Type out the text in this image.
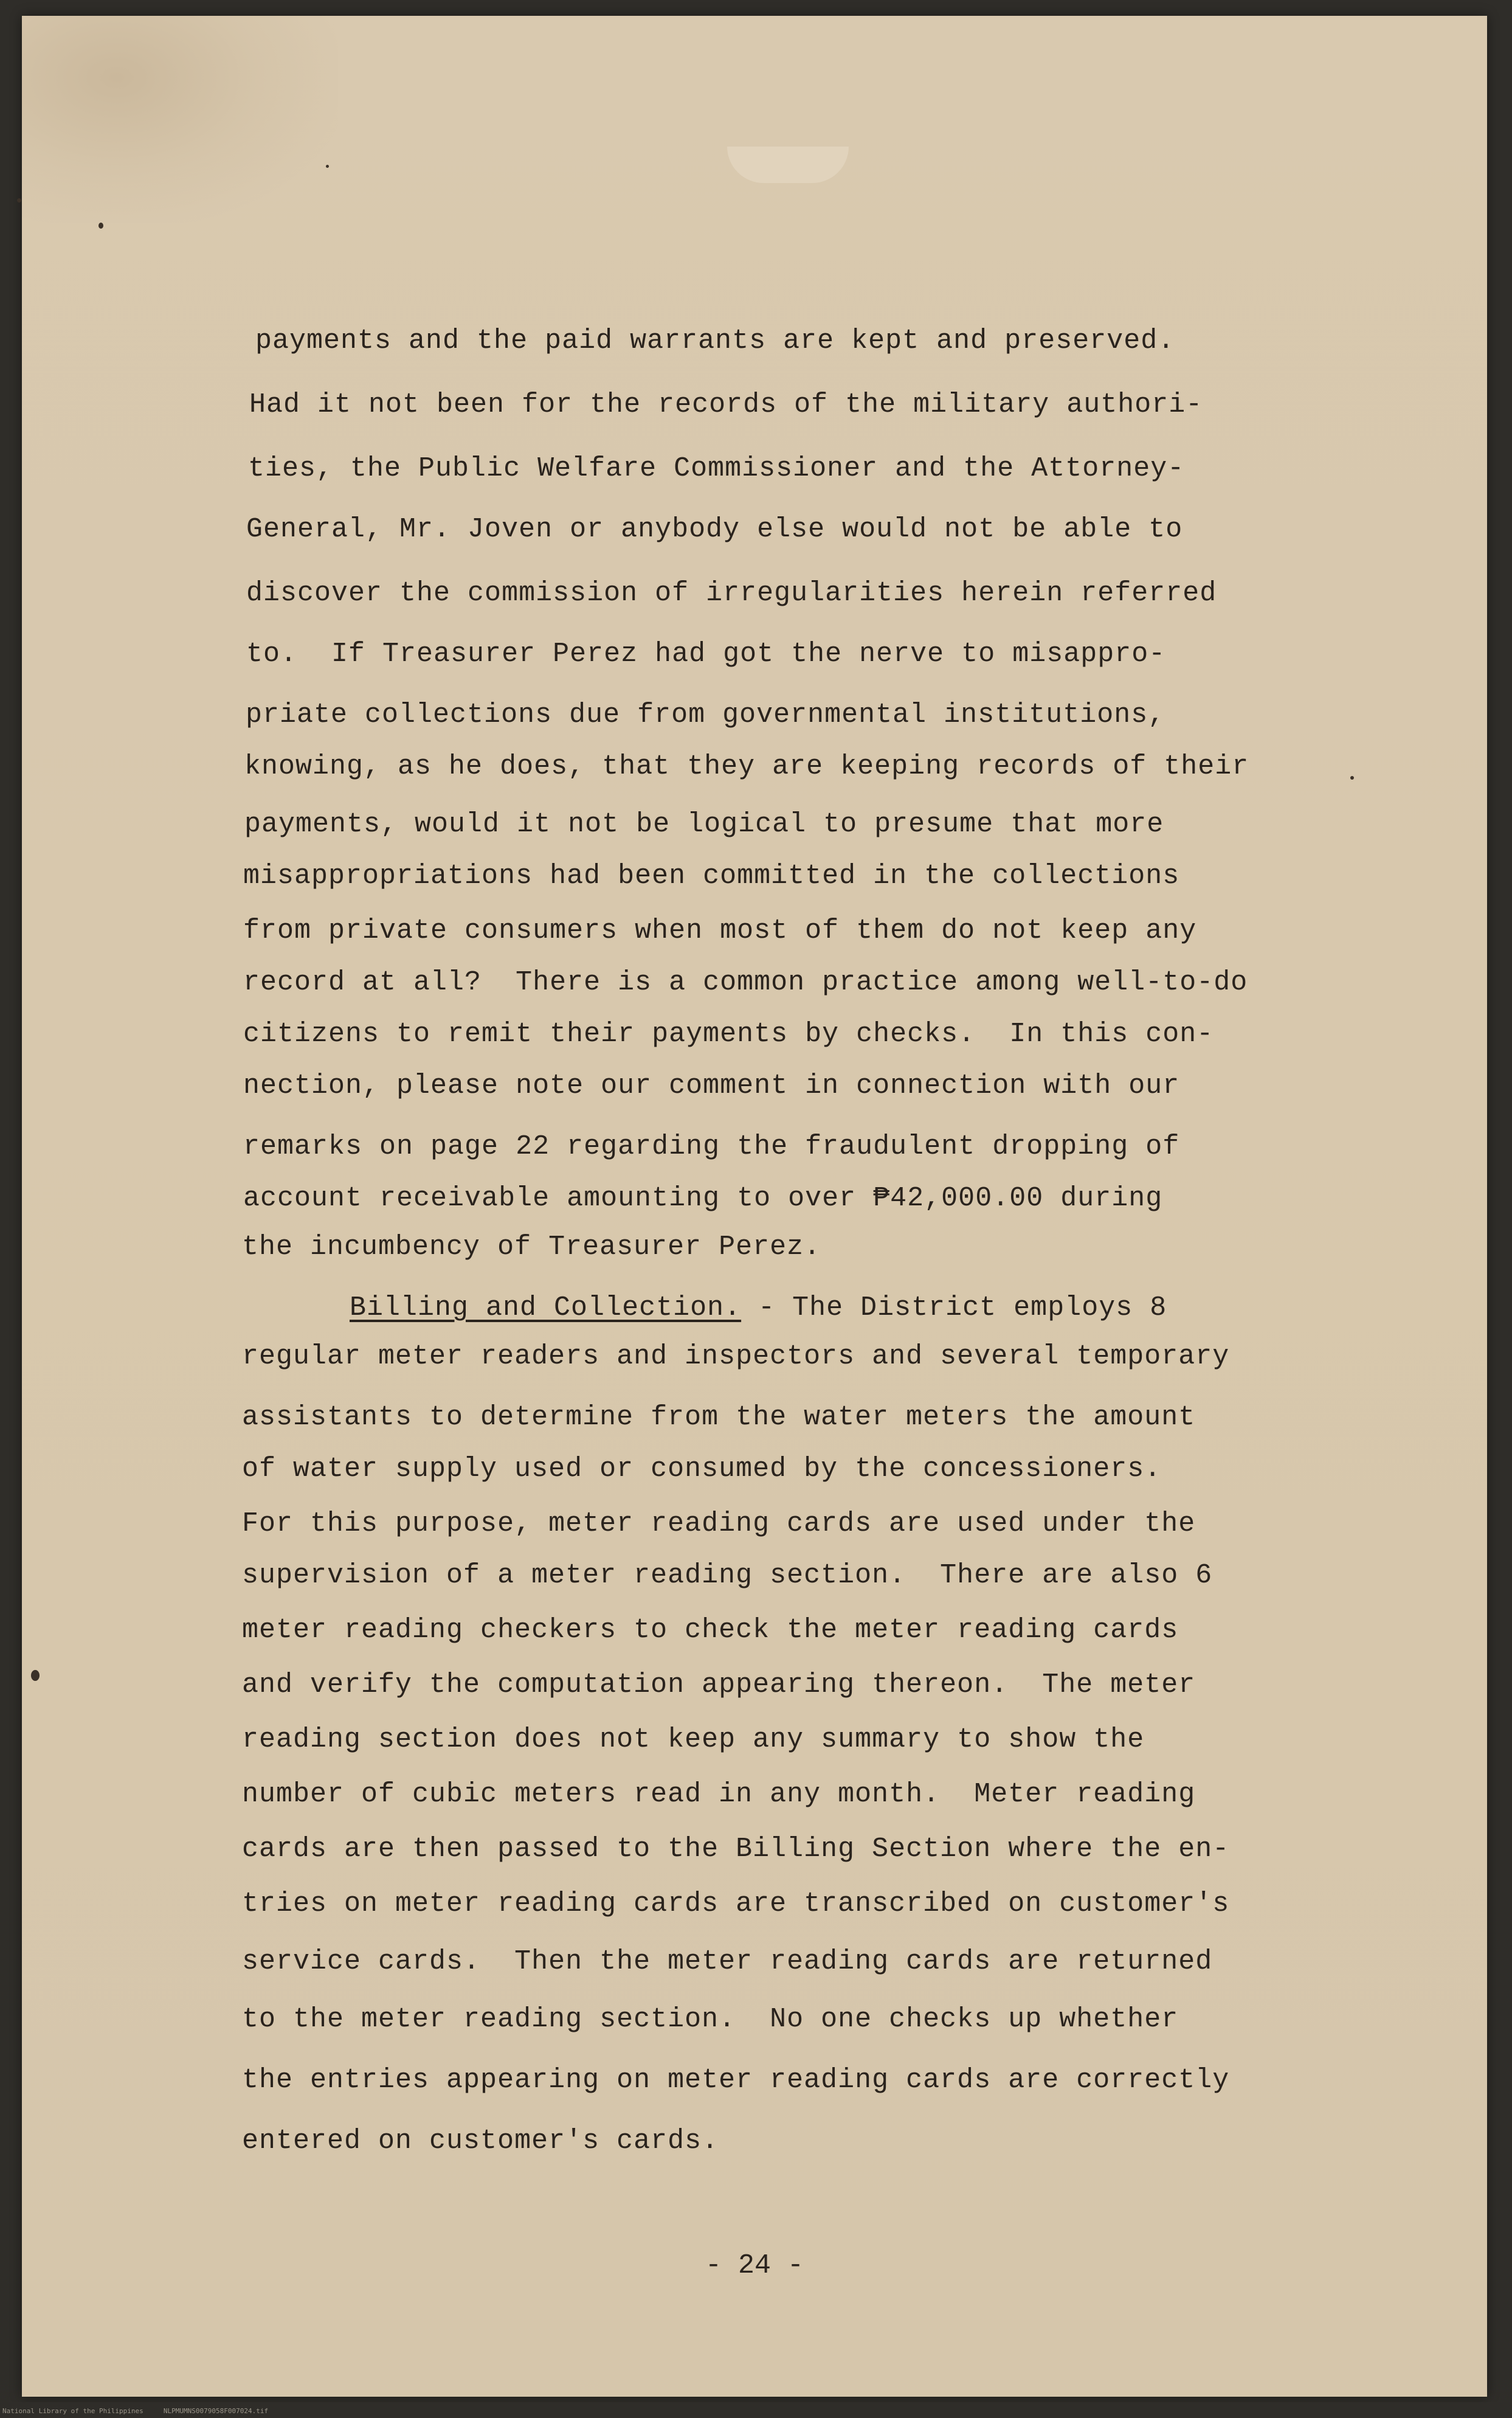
payments and the paid warrants are kept and preserved.
Had it not been for the records of the military authori-
ties, the Public Welfare Commissioner and the Attorney-
General, Mr. Joven or anybody else would not be able to
discover the commission of irregularities herein referred
to.  If Treasurer Perez had got the nerve to misappro-
priate collections due from governmental institutions,
knowing, as he does, that they are keeping records of their
payments, would it not be logical to presume that more
misappropriations had been committed in the collections
from private consumers when most of them do not keep any
record at all?  There is a common practice among well-to-do
citizens to remit their payments by checks.  In this con-
nection, please note our comment in connection with our
remarks on page 22 regarding the fraudulent dropping of
account receivable amounting to over ₱42,000.00 during
the incumbency of Treasurer Perez.
Billing and Collection. - The District employs 8
regular meter readers and inspectors and several temporary
assistants to determine from the water meters the amount
of water supply used or consumed by the concessioners.
For this purpose, meter reading cards are used under the
supervision of a meter reading section.  There are also 6
meter reading checkers to check the meter reading cards
and verify the computation appearing thereon.  The meter
reading section does not keep any summary to show the
number of cubic meters read in any month.  Meter reading
cards are then passed to the Billing Section where the en-
tries on meter reading cards are transcribed on customer's
service cards.  Then the meter reading cards are returned
to the meter reading section.  No one checks up whether
the entries appearing on meter reading cards are correctly
entered on customer's cards.
- 24 -
National Library of the Philippines     NLPMUMNS0079058F007024.tif
